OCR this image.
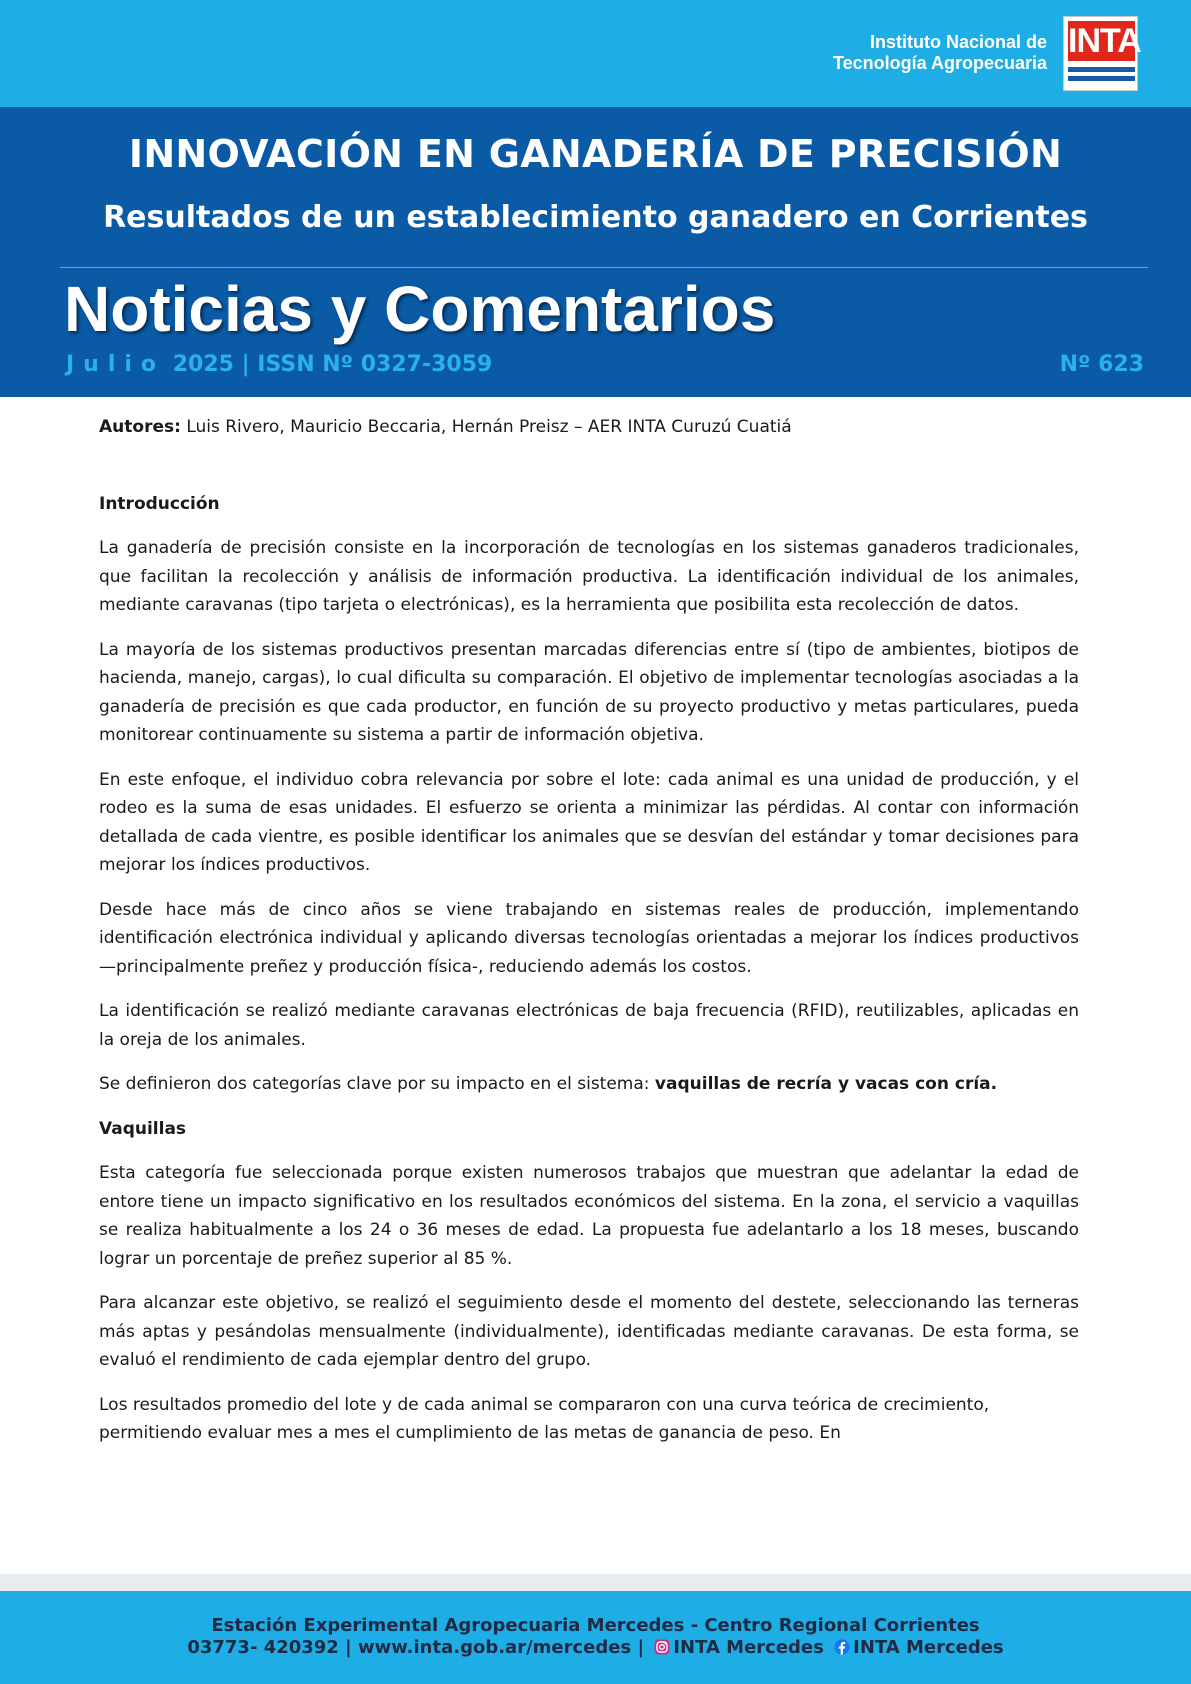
Instituto Nacional de
Tecnología Agropecuaria
INTA
INNOVACIÓN EN GANADERÍA DE PRECISIÓN
Resultados de un establecimiento ganadero en Corrientes
Noticias y Comentarios
Julio 2025 | ISSN Nº 0327-3059	Nº 623

Autores: Luis Rivero, Mauricio Beccaria, Hernán Preisz – AER INTA Curuzú Cuatiá

Introducción

La ganadería de precisión consiste en la incorporación de tecnologías en los sistemas ganaderos tradicionales, que facilitan la recolección y análisis de información productiva. La identificación individual de los animales, mediante caravanas (tipo tarjeta o electrónicas), es la herramienta que posibilita esta recolección de datos.

La mayoría de los sistemas productivos presentan marcadas diferencias entre sí (tipo de ambientes, biotipos de hacienda, manejo, cargas), lo cual dificulta su comparación. El objetivo de implementar tecnologías asociadas a la ganadería de precisión es que cada productor, en función de su proyecto productivo y metas particulares, pueda monitorear continuamente su sistema a partir de información objetiva.

En este enfoque, el individuo cobra relevancia por sobre el lote: cada animal es una unidad de producción, y el rodeo es la suma de esas unidades. El esfuerzo se orienta a minimizar las pérdidas. Al contar con información detallada de cada vientre, es posible identificar los animales que se desvían del estándar y tomar decisiones para mejorar los índices productivos.

Desde hace más de cinco años se viene trabajando en sistemas reales de producción, implementando identificación electrónica individual y aplicando diversas tecnologías orientadas a mejorar los índices productivos —principalmente preñez y producción física-, reduciendo además los costos.

La identificación se realizó mediante caravanas electrónicas de baja frecuencia (RFID), reutilizables, aplicadas en la oreja de los animales.

Se definieron dos categorías clave por su impacto en el sistema: vaquillas de recría y vacas con cría.

Vaquillas

Esta categoría fue seleccionada porque existen numerosos trabajos que muestran que adelantar la edad de entore tiene un impacto significativo en los resultados económicos del sistema. En la zona, el servicio a vaquillas se realiza habitualmente a los 24 o 36 meses de edad. La propuesta fue adelantarlo a los 18 meses, buscando lograr un porcentaje de preñez superior al 85 %.

Para alcanzar este objetivo, se realizó el seguimiento desde el momento del destete, seleccionando las terneras más aptas y pesándolas mensualmente (individualmente), identificadas mediante caravanas. De esta forma, se evaluó el rendimiento de cada ejemplar dentro del grupo.

Los resultados promedio del lote y de cada animal se compararon con una curva teórica de crecimiento, permitiendo evaluar mes a mes el cumplimiento de las metas de ganancia de peso. En

Estación Experimental Agropecuaria Mercedes - Centro Regional Corrientes
03773- 420392 | www.inta.gob.ar/mercedes | INTA Mercedes INTA Mercedes
